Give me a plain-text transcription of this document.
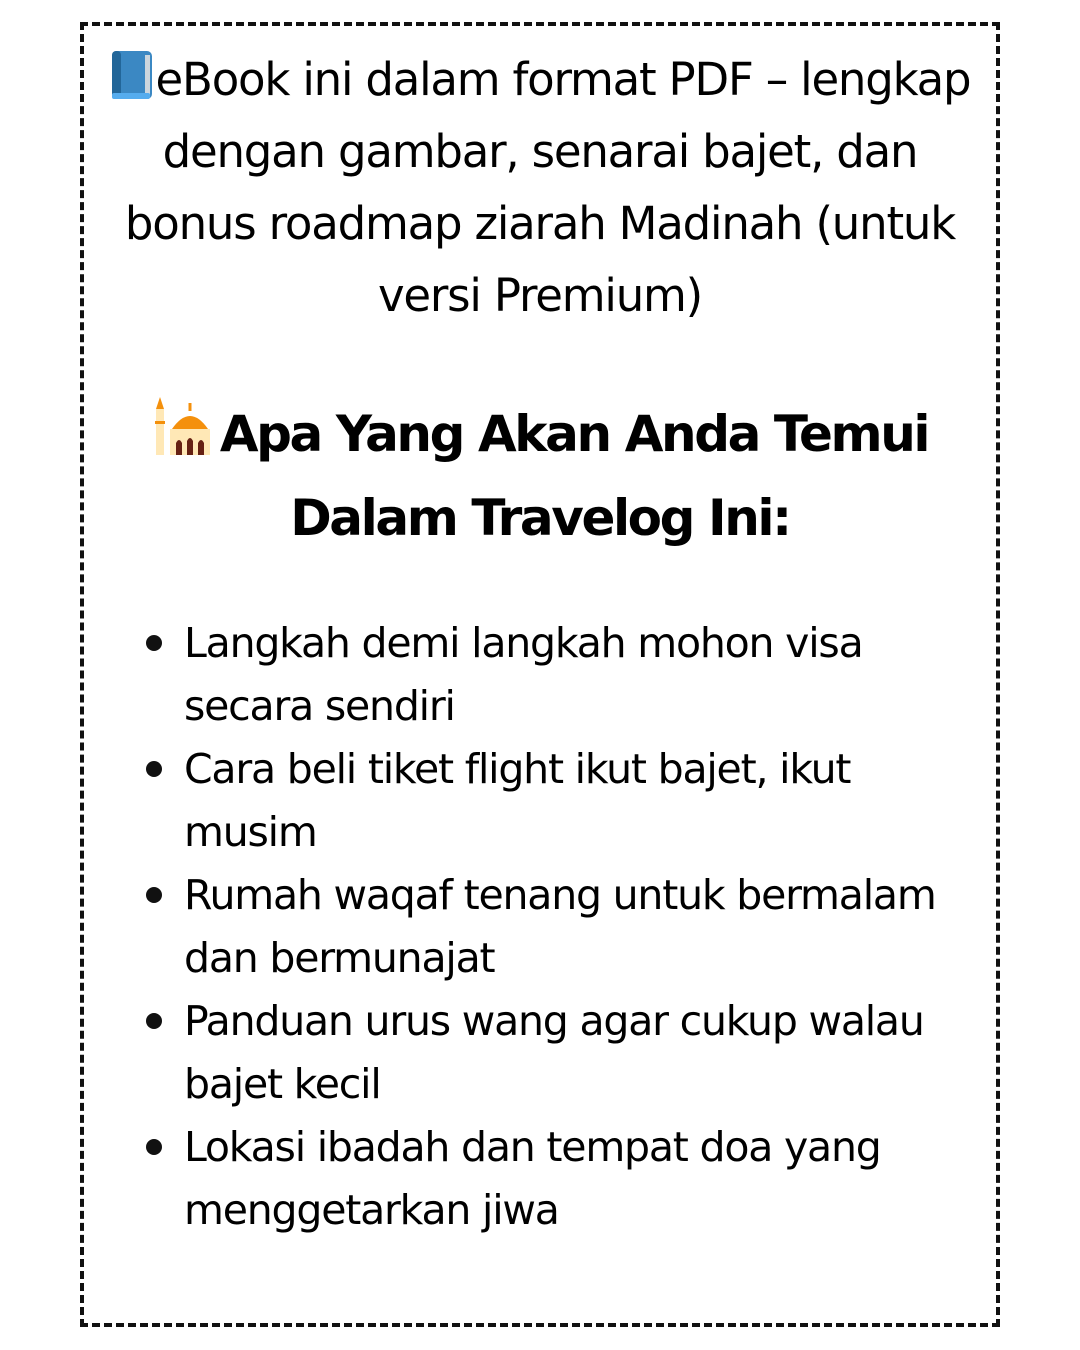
eBook ini dalam format PDF – lengkap dengan gambar, senarai bajet, dan bonus roadmap ziarah Madinah (untuk versi Premium)

Apa Yang Akan Anda Temui Dalam Travelog Ini:
Langkah demi langkah mohon visa secara sendiri
Cara beli tiket flight ikut bajet, ikut musim
Rumah waqaf tenang untuk bermalam dan bermunajat
Panduan urus wang agar cukup walau bajet kecil
Lokasi ibadah dan tempat doa yang menggetarkan jiwa
